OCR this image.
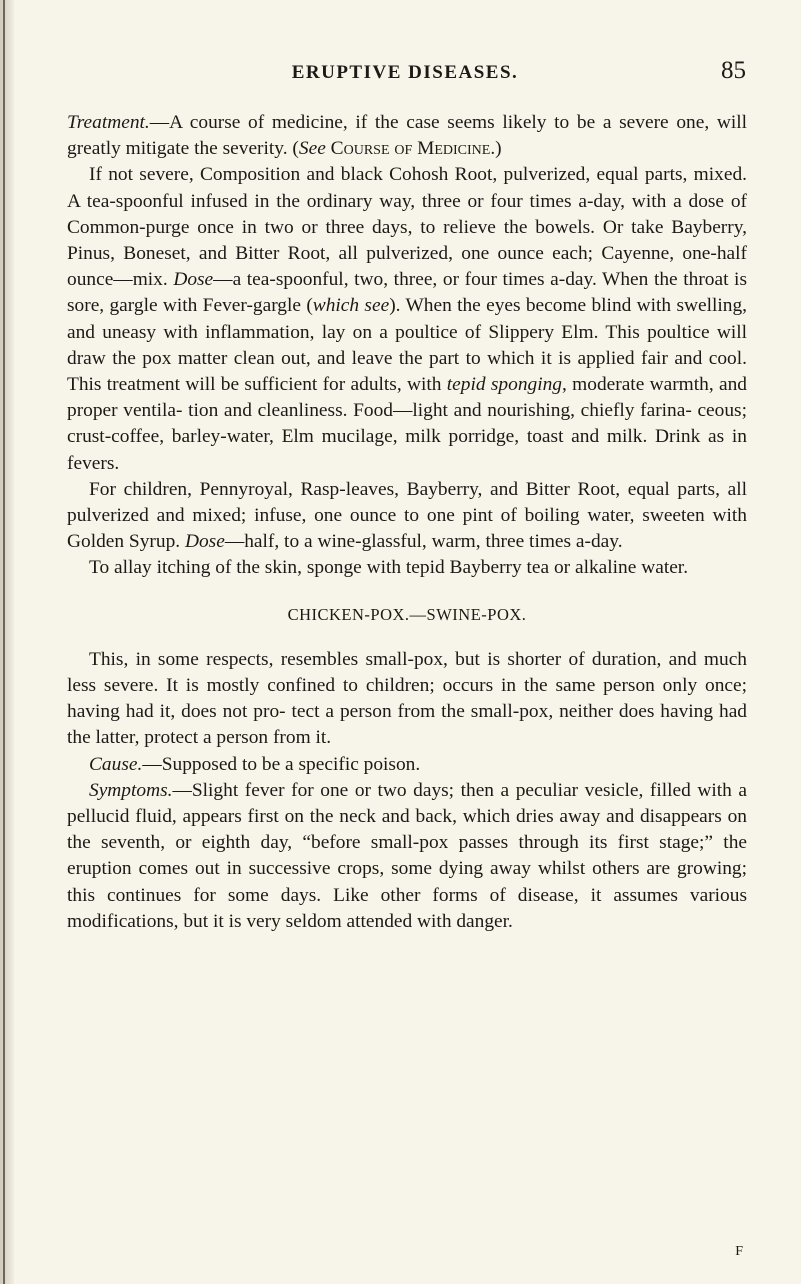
ERUPTIVE DISEASES.	85

Treatment.—A course of medicine, if the case seems likely to be a severe one, will greatly mitigate the severity. (See Course of Medicine.)

If not severe, Composition and black Cohosh Root, pulverized, equal parts, mixed. A tea-spoonful infused in the ordinary way, three or four times a-day, with a dose of Common-purge once in two or three days, to relieve the bowels. Or take Bayberry, Pinus, Boneset, and Bitter Root, all pulverized, one ounce each; Cayenne, one-half ounce—mix. Dose—a tea-spoonful, two, three, or four times a-day. When the throat is sore, gargle with Fever-gargle (which see). When the eyes become blind with swelling, and uneasy with inflammation, lay on a poultice of Slippery Elm. This poultice will draw the pox matter clean out, and leave the part to which it is applied fair and cool. This treatment will be sufficient for adults, with tepid sponging, moderate warmth, and proper ventila- tion and cleanliness. Food—light and nourishing, chiefly farina- ceous; crust-coffee, barley-water, Elm mucilage, milk porridge, toast and milk. Drink as in fevers.

For children, Pennyroyal, Rasp-leaves, Bayberry, and Bitter Root, equal parts, all pulverized and mixed; infuse, one ounce to one pint of boiling water, sweeten with Golden Syrup. Dose—half, to a wine-glassful, warm, three times a-day.

To allay itching of the skin, sponge with tepid Bayberry tea or alkaline water.

CHICKEN-POX.—SWINE-POX.

This, in some respects, resembles small-pox, but is shorter of duration, and much less severe. It is mostly confined to children; occurs in the same person only once; having had it, does not pro- tect a person from the small-pox, neither does having had the latter, protect a person from it.

Cause.—Supposed to be a specific poison.

Symptoms.—Slight fever for one or two days; then a peculiar vesicle, filled with a pellucid fluid, appears first on the neck and back, which dries away and disappears on the seventh, or eighth day, “before small-pox passes through its first stage;” the eruption comes out in successive crops, some dying away whilst others are growing; this continues for some days. Like other forms of disease, it assumes various modifications, but it is very seldom attended with danger.

F
